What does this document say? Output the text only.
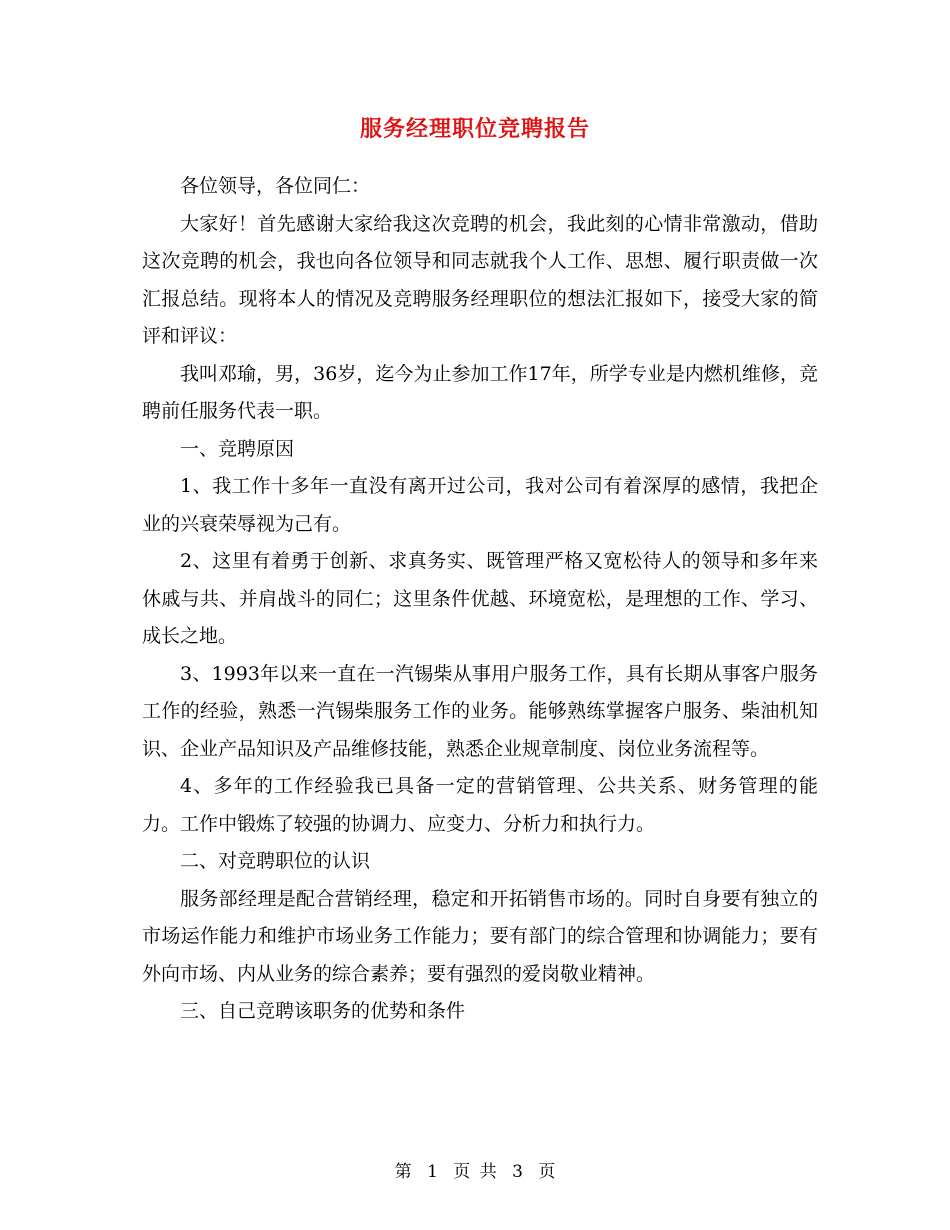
服务经理职位竞聘报告

各位领导，各位同仁：

大家好！首先感谢大家给我这次竞聘的机会，我此刻的心情非常激动，借助这次竞聘的机会，我也向各位领导和同志就我个人工作、思想、履行职责做一次汇报总结。现将本人的情况及竞聘服务经理职位的想法汇报如下，接受大家的简评和评议：

我叫邓瑜，男，36岁，迄今为止参加工作17年，所学专业是内燃机维修，竞聘前任服务代表一职。

一、竞聘原因

1、我工作十多年一直没有离开过公司，我对公司有着深厚的感情，我把企业的兴衰荣辱视为己有。

2、这里有着勇于创新、求真务实、既管理严格又宽松待人的领导和多年来休戚与共、并肩战斗的同仁；这里条件优越、环境宽松，是理想的工作、学习、成长之地。

3、1993年以来一直在一汽锡柴从事用户服务工作，具有长期从事客户服务工作的经验，熟悉一汽锡柴服务工作的业务。能够熟练掌握客户服务、柴油机知识、企业产品知识及产品维修技能，熟悉企业规章制度、岗位业务流程等。

4、多年的工作经验我已具备一定的营销管理、公共关系、财务管理的能力。工作中锻炼了较强的协调力、应变力、分析力和执行力。

二、对竞聘职位的认识

服务部经理是配合营销经理，稳定和开拓销售市场的。同时自身要有独立的市场运作能力和维护市场业务工作能力；要有部门的综合管理和协调能力；要有外向市场、内从业务的综合素养；要有强烈的爱岗敬业精神。

三、自己竞聘该职务的优势和条件

第 1 页 共 3 页
